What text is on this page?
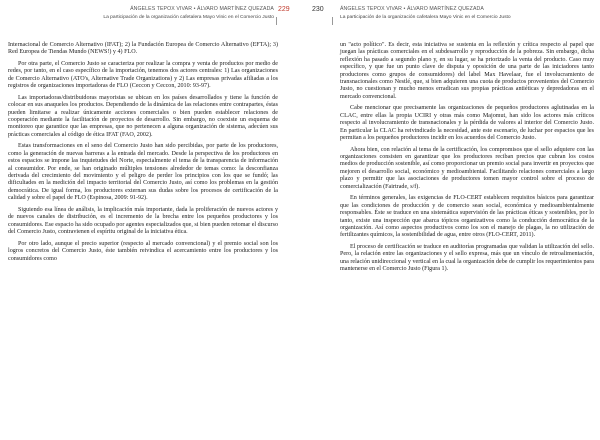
ÁNGELES TEPOX VIVAR • ÁLVARO MARTÍNEZ QUEZADA
La participación de la organización cafetalera Mayo Vinic en el Comercio Justo
229

Internacional de Comercio Alternativo (IFAT); 2) la Fundación Europea de Comercio Alternativo (EFTA); 3) Red Europea de Tiendas Mundo (NEWS!) y 4) FLO.

Por otra parte, el Comercio Justo se caracteriza por realizar la compra y venta de productos por medio de redes, por tanto, en el caso específico de la importación, tenemos dos actores centrales: 1) Las organizaciones de Comercio Alternativo (ATO's, Alternative Trade Organizations) y 2) Las empresas privadas afiliadas a los registros de organizaciones importadoras de FLO (Ceccon y Ceccon, 2010: 93-97).

Las importadoras/distribuidoras mayoristas se ubican en los países desarrollados y tiene la función de colocar en sus anaqueles los productos. Dependiendo de la dinámica de las relaciones entre contrapartes, éstas pueden limitarse a realizar únicamente acciones comerciales o bien pueden establecer relaciones de cooperación mediante la facilitación de proyectos de desarrollo. Sin embargo, no coexiste un esquema de monitoreo que garantice que las empresas, que no pertenecen a alguna organización de sistema, adecúen sus prácticas comerciales al código de ética IFAT (FAO, 2002).

Estas transformaciones en el seno del Comercio Justo han sido percibidas, por parte de los productores, como la generación de nuevas barreras a la entrada del mercado. Desde la perspectiva de los productores en estos espacios se impone las inquietudes del Norte, especialmente el tema de la transparencia de información al consumidor. Por ende, se han originado múltiples tensiones alrededor de temas como: la desconfianza derivada del crecimiento del movimiento y el peligro de perder los principios con los que se fundó; las dificultades en la medición del impacto territorial del Comercio Justo, así como los problemas en la gestión democrática. De igual forma, los productores externan sus dudas sobre los procesos de certificación de la calidad y sobre el papel de FLO (Espinosa, 2009: 91-92).

Siguiendo esa línea de análisis, la implicación más importante, dada la proliferación de nuevos actores y de nuevos canales de distribución, es el incremento de la brecha entre los pequeños productores y los consumidores. Ese espacio ha sido ocupado por agentes especializados que, si bien pueden retomar el discurso del Comercio Justo, contravienen el espíritu original de la iniciativa ética.

Por otro lado, aunque el precio superior (respecto al mercado convencional) y el premio social son los logros concretos del Comercio Justo, éste también reivindica el acercamiento entre los productores y los consumidores como

230	ÁNGELES TEPOX VIVAR • ÁLVARO MARTÍNEZ QUEZADA
La participación de la organización cafetalera Mayo Vinic en el Comercio Justo

un "acto político". Es decir, esta iniciativa se sustenta en la reflexión y crítica respecto al papel que juegan las prácticas comerciales en el subdesarrollo y reproducción de la pobreza. Sin embargo, dicha reflexión ha pasado a segundo plano y, en su lugar, se ha priorizado la venta del producto. Caso muy específico, y que fue un punto clave de disputa y oposición de una parte de las iniciadores tanto productores como grupos de consumidores) del label Max Havelaar, fue el involucramiento de transnacionales como Nestlé, que, si bien adquieren una cuota de productos provenientes del Comercio Justo, no cuestionan y mucho menos erradican sus propias prácticas antiéticas y depredadoras en el mercado convencional.

Cabe mencionar que precisamente las organizaciones de pequeños productores aglutinadas en la CLAC, entre ellas la propia UCIRI y otras más como Majomut, han sido los actores más críticos respecto al involucramiento de transnacionales y la pérdida de valores al interior del Comercio Justo. En particular la CLAC ha reivindicado la necesidad, ante este escenario, de luchar por espacios que les permitan a los pequeños productores incidir en los acuerdos del Comercio Justo.

Ahora bien, con relación al tema de la certificación, los compromisos que el sello adquiere con las organizaciones consisten en garantizar que los productores reciban precios que cubran los costos medios de producción sostenible, así como proporcionar un premio social para invertir en proyectos que mejoren el desarrollo social, económico y medioambiental. Facilitando relaciones comerciales a largo plazo y permitir que las asociaciones de productores tomen mayor control sobre el proceso de comercialización (Fairtrade, s/f).

En términos generales, las exigencias de FLO-CERT establecen requisitos básicos para garantizar que las condiciones de producción y de comercio sean social, económica y medioambientalmente responsables. Éste se traduce en una sistemática supervisión de las prácticas éticas y sostenibles, por lo tanto, existe una inspección que abarca tópicos organizativos como la conducción democrática de la organización. Así como aspectos productivos como los son el manejo de plagas, la no utilización de fertilizantes químicos, la sostenibilidad de agua, entre otros (FLO-CERT, 2011).

El proceso de certificación se traduce en auditorías programadas que validan la utilización del sello. Pero, la relación entre las organizaciones y el sello expresa, más que un vínculo de retroalimentación, una relación unidireccional y vertical en la cual la organización debe de cumplir los requerimientos para mantenerse en el Comercio Justo (Figura 1).
